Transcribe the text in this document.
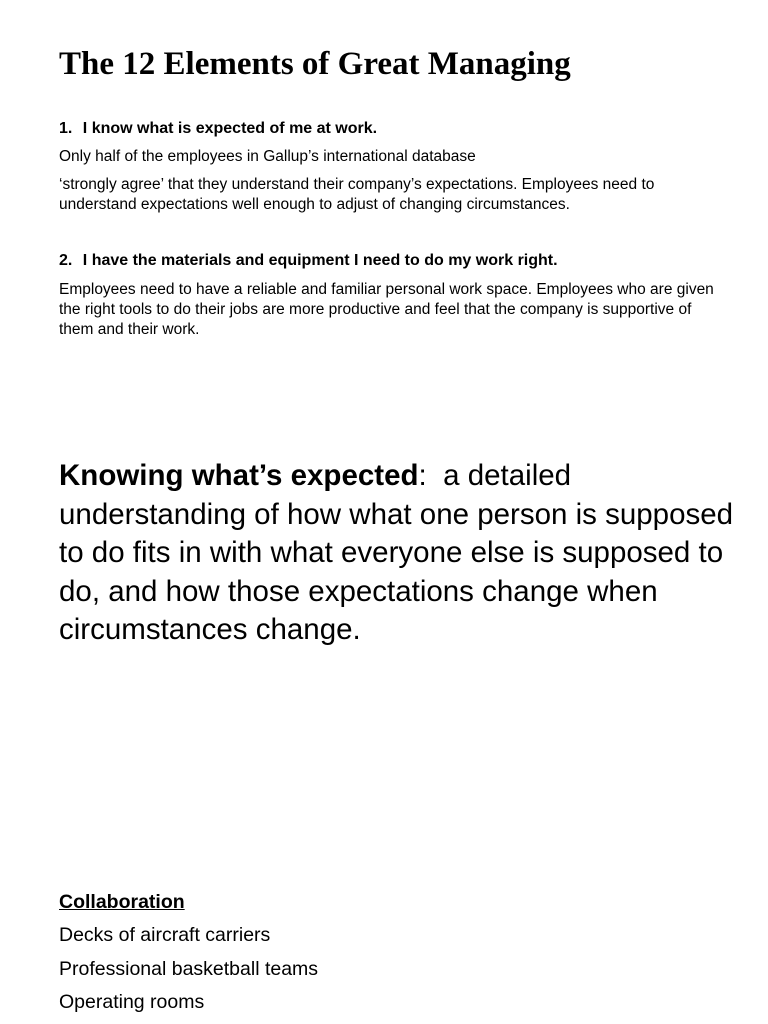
The 12 Elements of Great Managing

1. I know what is expected of me at work.

Only half of the employees in Gallup’s international database

‘strongly agree’ that they understand their company’s expectations. Employees need to understand expectations well enough to adjust of changing circumstances.

2. I have the materials and equipment I need to do my work right.

Employees need to have a reliable and familiar personal work space. Employees who are given the right tools to do their jobs are more productive and feel that the company is supportive of them and their work.

Knowing what’s expected: a detailed understanding of how what one person is supposed to do fits in with what everyone else is supposed to do, and how those expectations change when circumstances change.

Collaboration

Decks of aircraft carriers
Professional basketball teams
Operating rooms
